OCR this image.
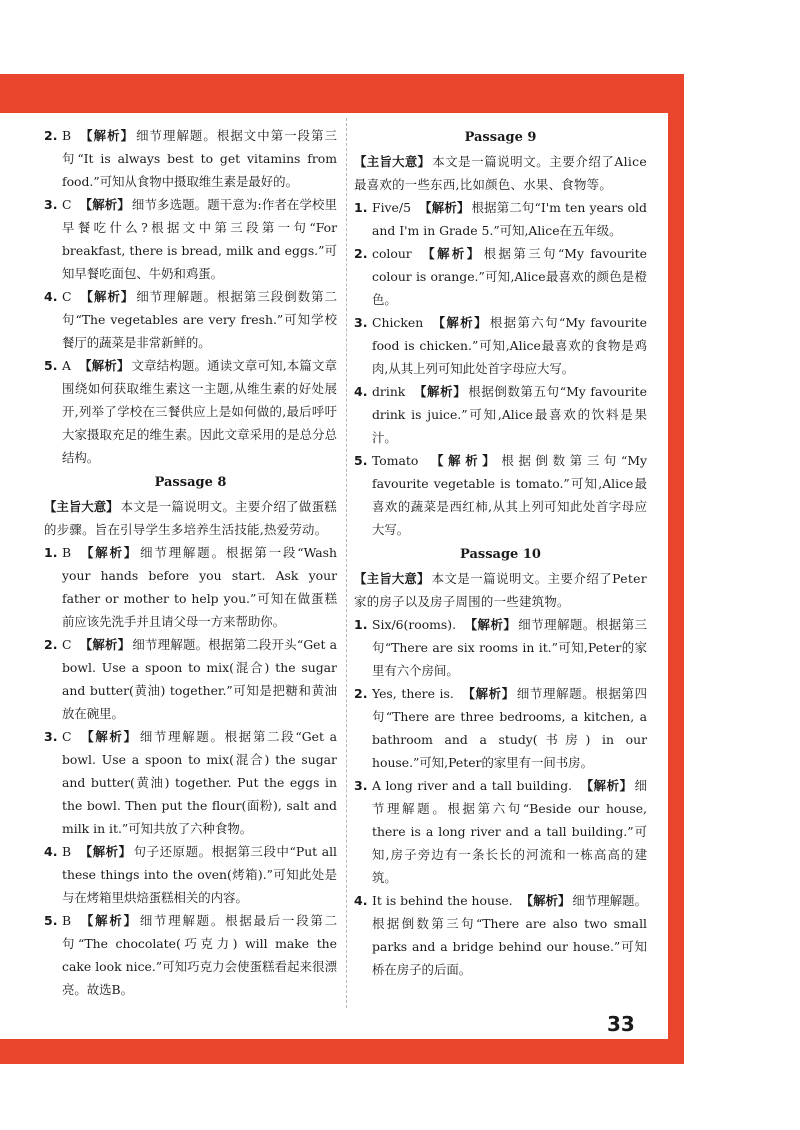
2. B 【解析】 细节理解题。根据文中第一段第三句“It is always best to get vitamins from food.”可知从食物中摄取维生素是最好的。
3. C 【解析】 细节多选题。题干意为:作者在学校里早餐吃什么?根据文中第三段第一句“For breakfast, there is bread, milk and eggs.”可知早餐吃面包、牛奶和鸡蛋。
4. C 【解析】 细节理解题。根据第三段倒数第二句“The vegetables are very fresh.”可知学校餐厅的蔬菜是非常新鲜的。
5. A 【解析】 文章结构题。通读文章可知,本篇文章围绕如何获取维生素这一主题,从维生素的好处展开,列举了学校在三餐供应上是如何做的,最后呼吁大家摄取充足的维生素。因此文章采用的是总分总结构。
Passage 8
【主旨大意】 本文是一篇说明文。主要介绍了做蛋糕的步骤。旨在引导学生多培养生活技能,热爱劳动。
1. B 【解析】 细节理解题。根据第一段“Wash your hands before you start. Ask your father or mother to help you.”可知在做蛋糕前应该先洗手并且请父母一方来帮助你。
2. C 【解析】 细节理解题。根据第二段开头“Get a bowl. Use a spoon to mix(混合) the sugar and butter(黄油) together.”可知是把糖和黄油放在碗里。
3. C 【解析】 细节理解题。根据第二段“Get a bowl. Use a spoon to mix(混合) the sugar and butter(黄油) together. Put the eggs in the bowl. Then put the flour(面粉), salt and milk in it.”可知共放了六种食物。
4. B 【解析】 句子还原题。根据第三段中“Put all these things into the oven(烤箱).”可知此处是与在烤箱里烘焙蛋糕相关的内容。
5. B 【解析】 细节理解题。根据最后一段第二句“The chocolate(巧克力) will make the cake look nice.”可知巧克力会使蛋糕看起来很漂亮。故选B。
Passage 9
【主旨大意】 本文是一篇说明文。主要介绍了Alice最喜欢的一些东西,比如颜色、水果、食物等。
1. Five/5 【解析】 根据第二句“I'm ten years old and I'm in Grade 5.”可知,Alice在五年级。
2. colour 【解析】 根据第三句“My favourite colour is orange.”可知,Alice最喜欢的颜色是橙色。
3. Chicken 【解析】 根据第六句“My favourite food is chicken.”可知,Alice最喜欢的食物是鸡肉,从其上列可知此处首字母应大写。
4. drink 【解析】 根据倒数第五句“My favourite drink is juice.”可知,Alice最喜欢的饮料是果汁。
5. Tomato 【解析】 根据倒数第三句“My favourite vegetable is tomato.”可知,Alice最喜欢的蔬菜是西红柿,从其上列可知此处首字母应大写。
Passage 10
【主旨大意】 本文是一篇说明文。主要介绍了Peter家的房子以及房子周围的一些建筑物。
1. Six/6(rooms). 【解析】 细节理解题。根据第三句“There are six rooms in it.”可知,Peter的家里有六个房间。
2. Yes, there is. 【解析】 细节理解题。根据第四句“There are three bedrooms, a kitchen, a bathroom and a study(书房) in our house.”可知,Peter的家里有一间书房。
3. A long river and a tall building. 【解析】 细节理解题。根据第六句“Beside our house, there is a long river and a tall building.”可知,房子旁边有一条长长的河流和一栋高高的建筑。
4. It is behind the house. 【解析】 细节理解题。根据倒数第三句“There are also two small parks and a bridge behind our house.”可知桥在房子的后面。
33
